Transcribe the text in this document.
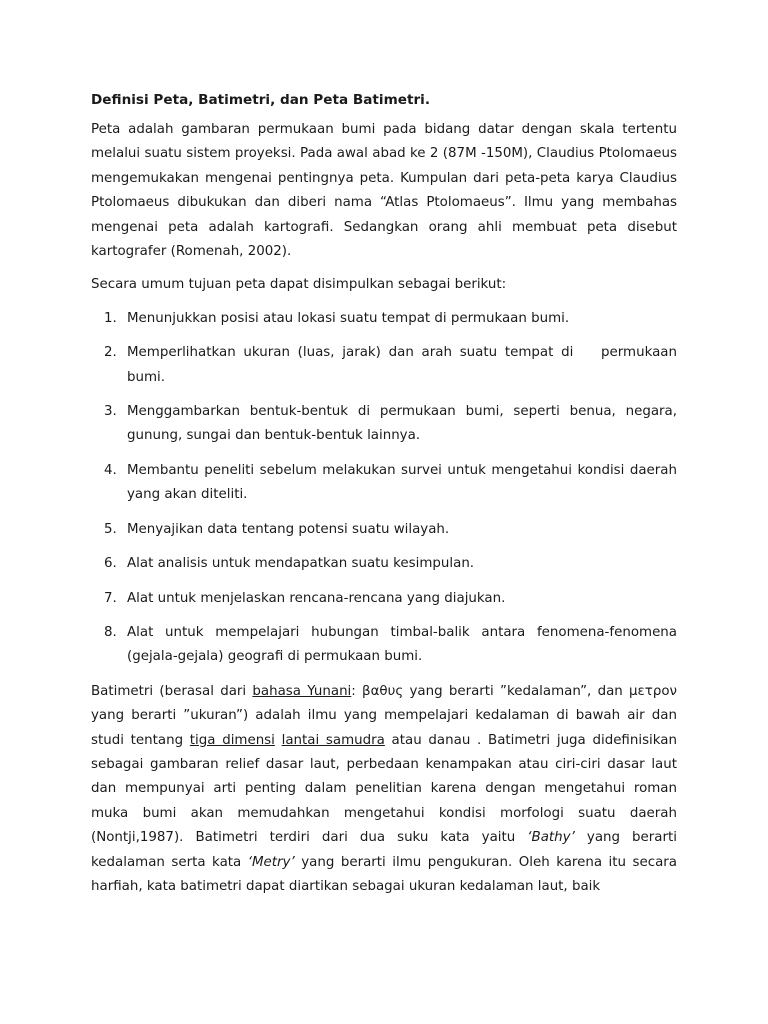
Definisi Peta, Batimetri, dan Peta Batimetri.

Peta adalah gambaran permukaan bumi pada bidang datar dengan skala tertentu melalui suatu sistem proyeksi. Pada awal abad ke 2 (87M -150M), Claudius Ptolomaeus mengemukakan mengenai pentingnya peta. Kumpulan dari peta-peta karya Claudius Ptolomaeus dibukukan dan diberi nama “Atlas Ptolomaeus”. Ilmu yang membahas mengenai peta adalah kartografi. Sedangkan orang ahli membuat peta disebut kartografer (Romenah, 2002).

Secara umum tujuan peta dapat disimpulkan sebagai berikut:

1. Menunjukkan posisi atau lokasi suatu tempat di permukaan bumi.
2. Memperlihatkan ukuran (luas, jarak) dan arah suatu tempat di permukaan bumi.
3. Menggambarkan bentuk-bentuk di permukaan bumi, seperti benua, negara, gunung, sungai dan bentuk-bentuk lainnya.
4. Membantu peneliti sebelum melakukan survei untuk mengetahui kondisi daerah yang akan diteliti.
5. Menyajikan data tentang potensi suatu wilayah.
6. Alat analisis untuk mendapatkan suatu kesimpulan.
7. Alat untuk menjelaskan rencana-rencana yang diajukan.
8. Alat untuk mempelajari hubungan timbal-balik antara fenomena-fenomena (gejala-gejala) geografi di permukaan bumi.

Batimetri (berasal dari bahasa Yunani: βαθυς yang berarti ”kedalaman”, dan μετρον yang berarti ”ukuran”) adalah ilmu yang mempelajari kedalaman di bawah air dan studi tentang tiga dimensi lantai samudra atau danau . Batimetri juga didefinisikan sebagai gambaran relief dasar laut, perbedaan kenampakan atau ciri-ciri dasar laut dan mempunyai arti penting dalam penelitian karena dengan mengetahui roman muka bumi akan memudahkan mengetahui kondisi morfologi suatu daerah (Nontji,1987). Batimetri terdiri dari dua suku kata yaitu ‘Bathy’ yang berarti kedalaman serta kata ‘Metry’ yang berarti ilmu pengukuran. Oleh karena itu secara harfiah, kata batimetri dapat diartikan sebagai ukuran kedalaman laut, baik
